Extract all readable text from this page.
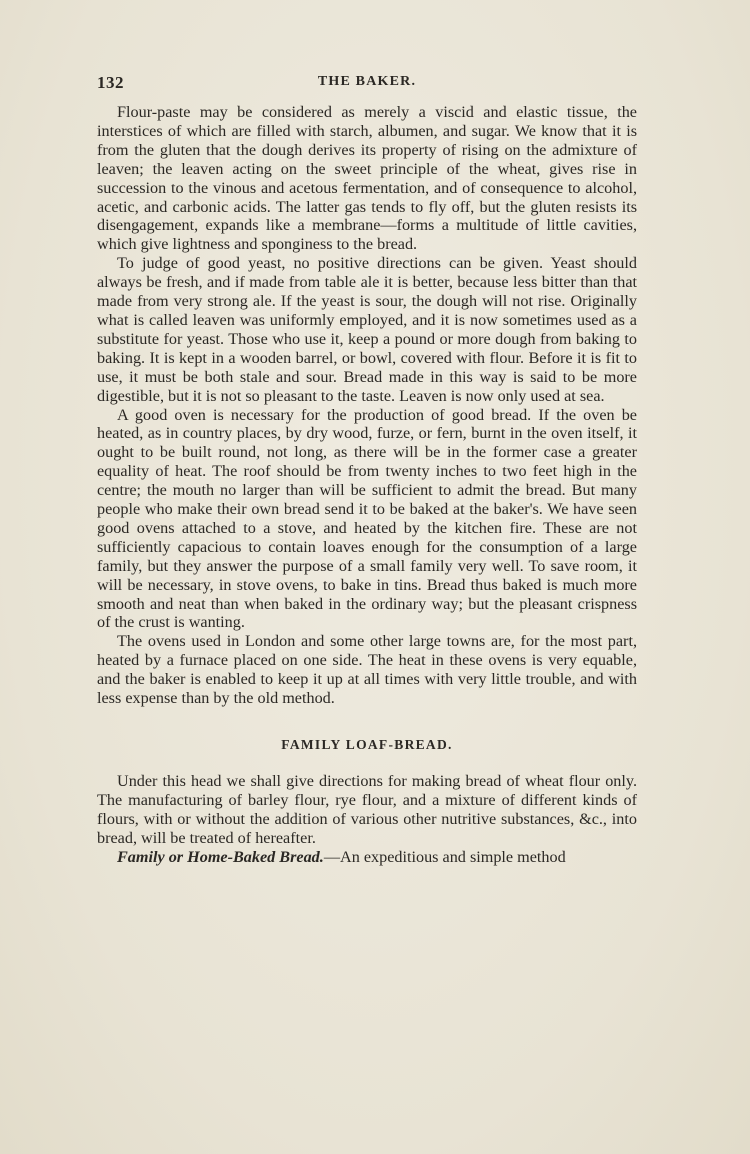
132	THE BAKER.

Flour-paste may be considered as merely a viscid and elastic tissue, the interstices of which are filled with starch, albumen, and sugar. We know that it is from the gluten that the dough derives its property of rising on the admixture of leaven; the leaven acting on the sweet principle of the wheat, gives rise in succession to the vinous and acetous fermentation, and of consequence to alcohol, acetic, and carbonic acids. The latter gas tends to fly off, but the gluten resists its disengagement, expands like a membrane—forms a multitude of little cavities, which give lightness and sponginess to the bread.

To judge of good yeast, no positive directions can be given. Yeast should always be fresh, and if made from table ale it is better, because less bitter than that made from very strong ale. If the yeast is sour, the dough will not rise. Originally what is called leaven was uniformly employed, and it is now sometimes used as a substitute for yeast. Those who use it, keep a pound or more dough from baking to baking. It is kept in a wooden barrel, or bowl, covered with flour. Before it is fit to use, it must be both stale and sour. Bread made in this way is said to be more digestible, but it is not so pleasant to the taste. Leaven is now only used at sea.

A good oven is necessary for the production of good bread. If the oven be heated, as in country places, by dry wood, furze, or fern, burnt in the oven itself, it ought to be built round, not long, as there will be in the former case a greater equality of heat. The roof should be from twenty inches to two feet high in the centre; the mouth no larger than will be sufficient to admit the bread. But many people who make their own bread send it to be baked at the baker's. We have seen good ovens attached to a stove, and heated by the kitchen fire. These are not sufficiently capacious to contain loaves enough for the consumption of a large family, but they answer the purpose of a small family very well. To save room, it will be necessary, in stove ovens, to bake in tins. Bread thus baked is much more smooth and neat than when baked in the ordinary way; but the pleasant crispness of the crust is wanting.

The ovens used in London and some other large towns are, for the most part, heated by a furnace placed on one side. The heat in these ovens is very equable, and the baker is enabled to keep it up at all times with very little trouble, and with less expense than by the old method.

FAMILY LOAF-BREAD.

Under this head we shall give directions for making bread of wheat flour only. The manufacturing of barley flour, rye flour, and a mixture of different kinds of flours, with or without the addition of various other nutritive substances, &c., into bread, will be treated of hereafter.

Family or Home-Baked Bread.—An expeditious and simple method
